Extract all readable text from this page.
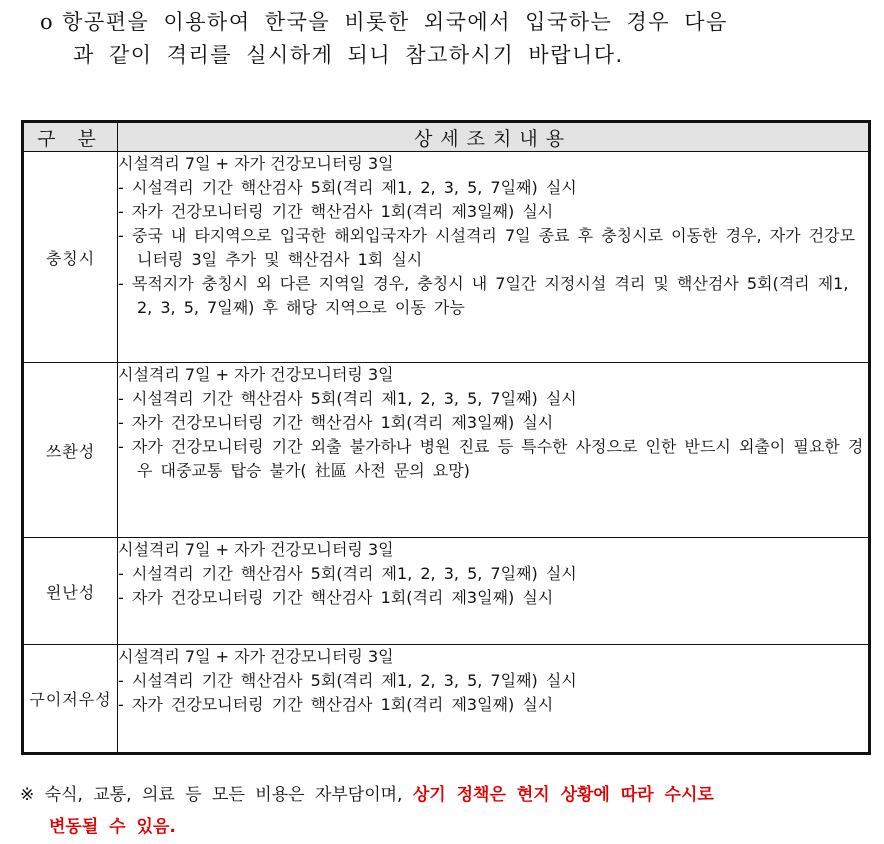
o 항공편을 이용하여 한국을 비롯한 외국에서 입국하는 경우 다음
과 같이 격리를 실시하게 되니 참고하시기 바랍니다.
구 분	상세조치내용
충칭시	시설격리 7일 + 자가 건강모니터링 3일
- 시설격리 기간 핵산검사 5회(격리 제1, 2, 3, 5, 7일째) 실시
- 자가 건강모니터링 기간 핵산검사 1회(격리 제3일째) 실시
- 중국 내 타지역으로 입국한 해외입국자가 시설격리 7일 종료 후 충칭시로 이동한 경우, 자가 건강모니터링 3일 추가 및 핵산검사 1회 실시
- 목적지가 충칭시 외 다른 지역일 경우, 충칭시 내 7일간 지정시설 격리 및 핵산검사 5회(격리 제1, 2, 3, 5, 7일째) 후 해당 지역으로 이동 가능

쓰촨성	시설격리 7일 + 자가 건강모니터링 3일
- 시설격리 기간 핵산검사 5회(격리 제1, 2, 3, 5, 7일째) 실시
- 자가 건강모니터링 기간 핵산검사 1회(격리 제3일째) 실시
- 자가 건강모니터링 기간 외출 불가하나 병원 진료 등 특수한 사정으로 인한 반드시 외출이 필요한 경우 대중교통 탑승 불가( 社區 사전 문의 요망)

윈난성	시설격리 7일 + 자가 건강모니터링 3일
- 시설격리 기간 핵산검사 5회(격리 제1, 2, 3, 5, 7일째) 실시
- 자가 건강모니터링 기간 핵산검사 1회(격리 제3일째) 실시

구이저우성	시설격리 7일 + 자가 건강모니터링 3일
- 시설격리 기간 핵산검사 5회(격리 제1, 2, 3, 5, 7일째) 실시
- 자가 건강모니터링 기간 핵산검사 1회(격리 제3일째) 실시
※ 숙식, 교통, 의료 등 모든 비용은 자부담이며, 상기 정책은 현지 상황에 따라 수시로
변동될 수 있음.
